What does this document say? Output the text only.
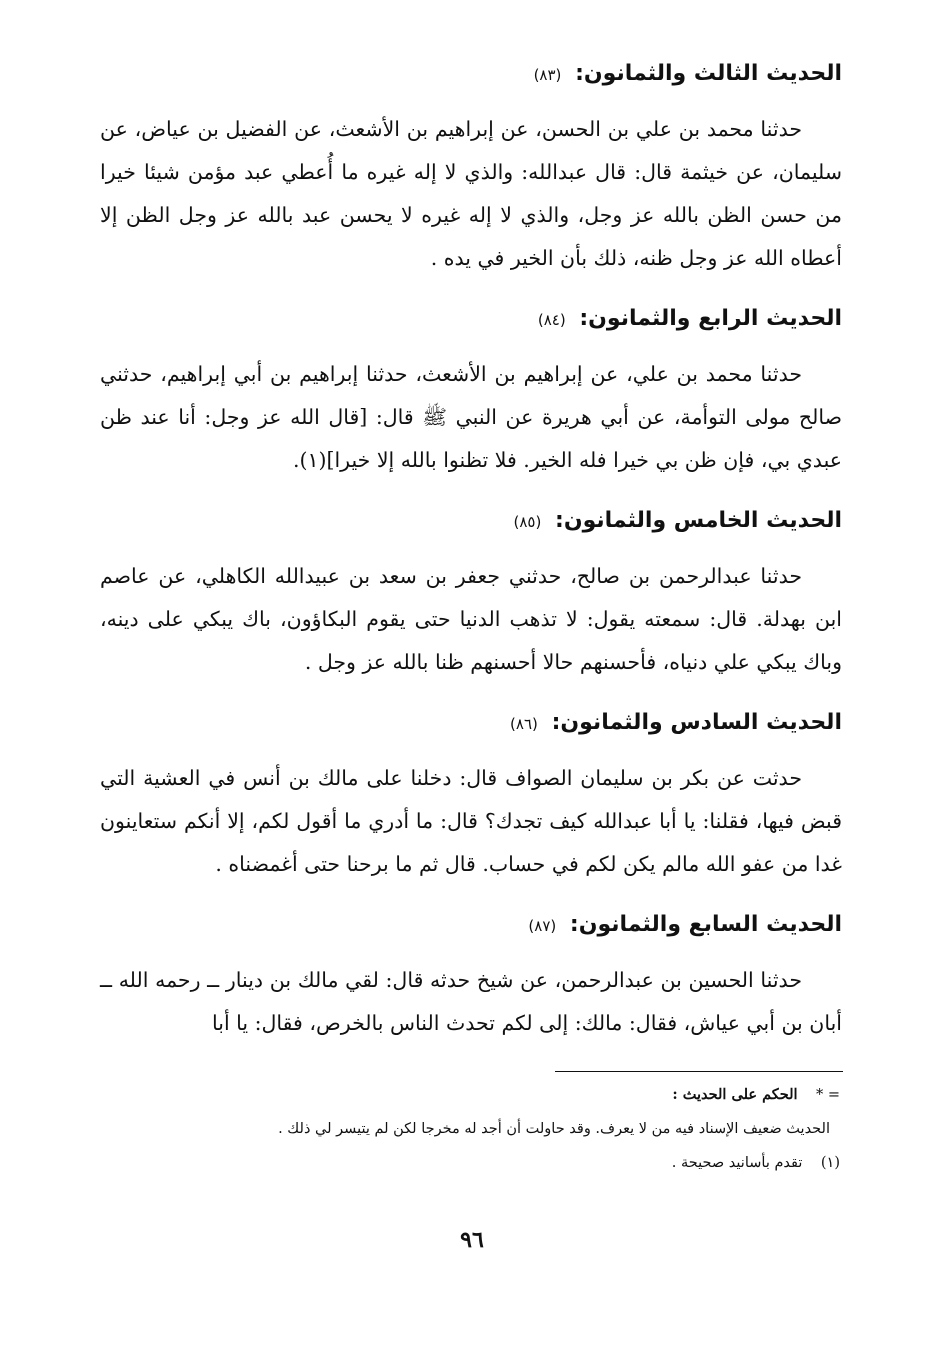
الحديث الثالث والثمانون: (٨٣)

حدثنا محمد بن علي بن الحسن، عن إبراهيم بن الأشعث، عن الفضيل بن عياض، عن سليمان، عن خيثمة قال: قال عبدالله: والذي لا إله غيره ما أُعطي عبد مؤمن شيئا خيرا من حسن الظن بالله عز وجل، والذي لا إله غيره لا يحسن عبد بالله عز وجل الظن إلا أعطاه الله عز وجل ظنه، ذلك بأن الخير في يده .

الحديث الرابع والثمانون: (٨٤)

حدثنا محمد بن علي، عن إبراهيم بن الأشعث، حدثنا إبراهيم بن أبي إبراهيم، حدثني صالح مولى التوأمة، عن أبي هريرة عن النبي ﷺ قال: [قال الله عز وجل: أنا عند ظن عبدي بي، فإن ظن بي خيرا فله الخير. فلا تظنوا بالله إلا خيرا](١).

الحديث الخامس والثمانون: (٨٥)

حدثنا عبدالرحمن بن صالح، حدثني جعفر بن سعد بن عبيدالله الكاهلي، عن عاصم ابن بهدلة. قال: سمعته يقول: لا تذهب الدنيا حتى يقوم البكاؤون، باك يبكي على دينه، وباك يبكي علي دنياه، فأحسنهم حالا أحسنهم ظنا بالله عز وجل .

الحديث السادس والثمانون: (٨٦)

حدثت عن بكر بن سليمان الصواف قال: دخلنا على مالك بن أنس في العشية التي قبض فيها، فقلنا: يا أبا عبدالله كيف تجدك؟ قال: ما أدري ما أقول لكم، إلا أنكم ستعاينون غدا من عفو الله مالم يكن لكم في حساب. قال ثم ما برحنا حتى أغمضناه .

الحديث السابع والثمانون: (٨٧)

حدثنا الحسين بن عبدالرحمن، عن شيخ حدثه قال: لقي مالك بن دينار ــ رحمه الله ــ أبان بن أبي عياش، فقال: مالك: إلى لكم تحدث الناس بالخرص، فقال: يا أبا

= *    الحكم على الحديث :

الحديث ضعيف الإسناد فيه من لا يعرف. وقد حاولت أن أجد له مخرجا لكن لم يتيسر لي ذلك .

(١)    تقدم بأسانيد صحيحة .

٩٦
